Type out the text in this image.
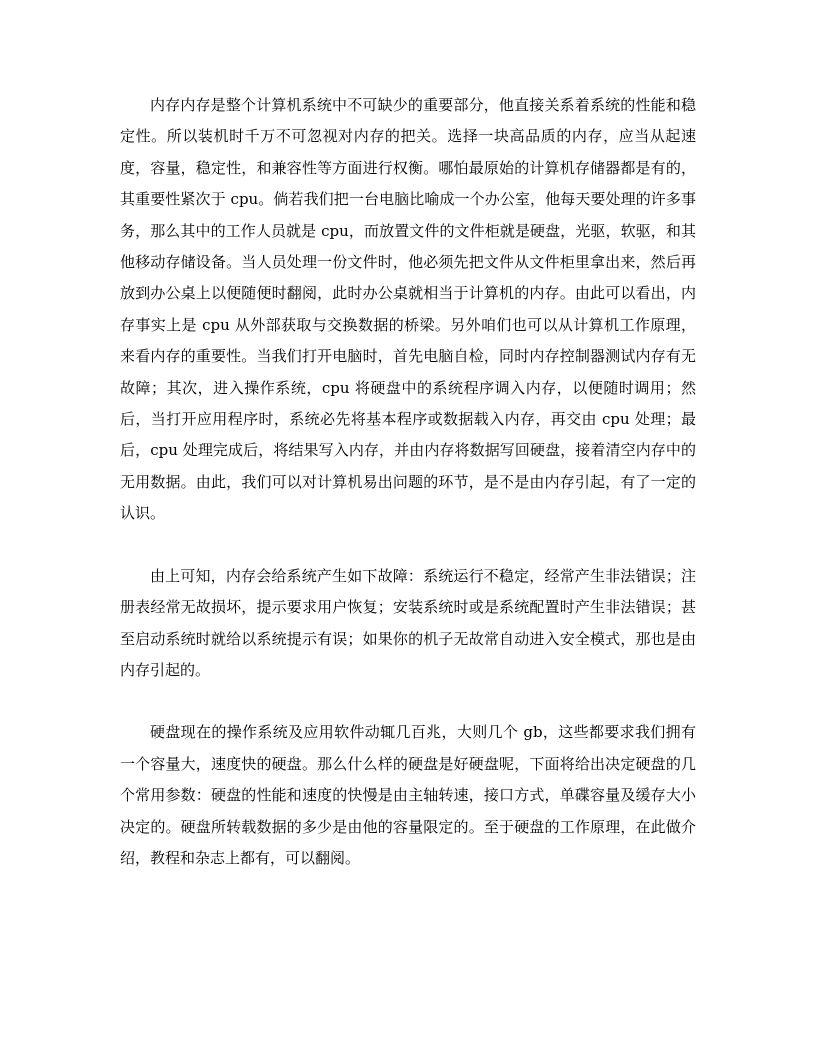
内存内存是整个计算机系统中不可缺少的重要部分，他直接关系着系统的性能和稳定性。所以装机时千万不可忽视对内存的把关。选择一块高品质的内存，应当从起速度，容量，稳定性，和兼容性等方面进行权衡。哪怕最原始的计算机存储器都是有的，其重要性紧次于 cpu。倘若我们把一台电脑比喻成一个办公室，他每天要处理的许多事务，那么其中的工作人员就是 cpu，而放置文件的文件柜就是硬盘，光驱，软驱，和其他移动存储设备。当人员处理一份文件时，他必须先把文件从文件柜里拿出来，然后再放到办公桌上以便随便时翻阅，此时办公桌就相当于计算机的内存。由此可以看出，内存事实上是 cpu 从外部获取与交换数据的桥梁。另外咱们也可以从计算机工作原理，来看内存的重要性。当我们打开电脑时，首先电脑自检，同时内存控制器测试内存有无故障；其次，进入操作系统，cpu 将硬盘中的系统程序调入内存，以便随时调用；然后，当打开应用程序时，系统必先将基本程序或数据载入内存，再交由 cpu 处理；最后，cpu 处理完成后，将结果写入内存，并由内存将数据写回硬盘，接着清空内存中的无用数据。由此，我们可以对计算机易出问题的环节，是不是由内存引起，有了一定的认识。

由上可知，内存会给系统产生如下故障：系统运行不稳定，经常产生非法错误；注册表经常无故损坏，提示要求用户恢复；安装系统时或是系统配置时产生非法错误；甚至启动系统时就给以系统提示有误；如果你的机子无故常自动进入安全模式，那也是由内存引起的。

硬盘现在的操作系统及应用软件动辄几百兆，大则几个 gb，这些都要求我们拥有一个容量大，速度快的硬盘。那么什么样的硬盘是好硬盘呢，下面将给出决定硬盘的几个常用参数：硬盘的性能和速度的快慢是由主轴转速，接口方式，单碟容量及缓存大小决定的。硬盘所转载数据的多少是由他的容量限定的。至于硬盘的工作原理，在此做介绍，教程和杂志上都有，可以翻阅。
